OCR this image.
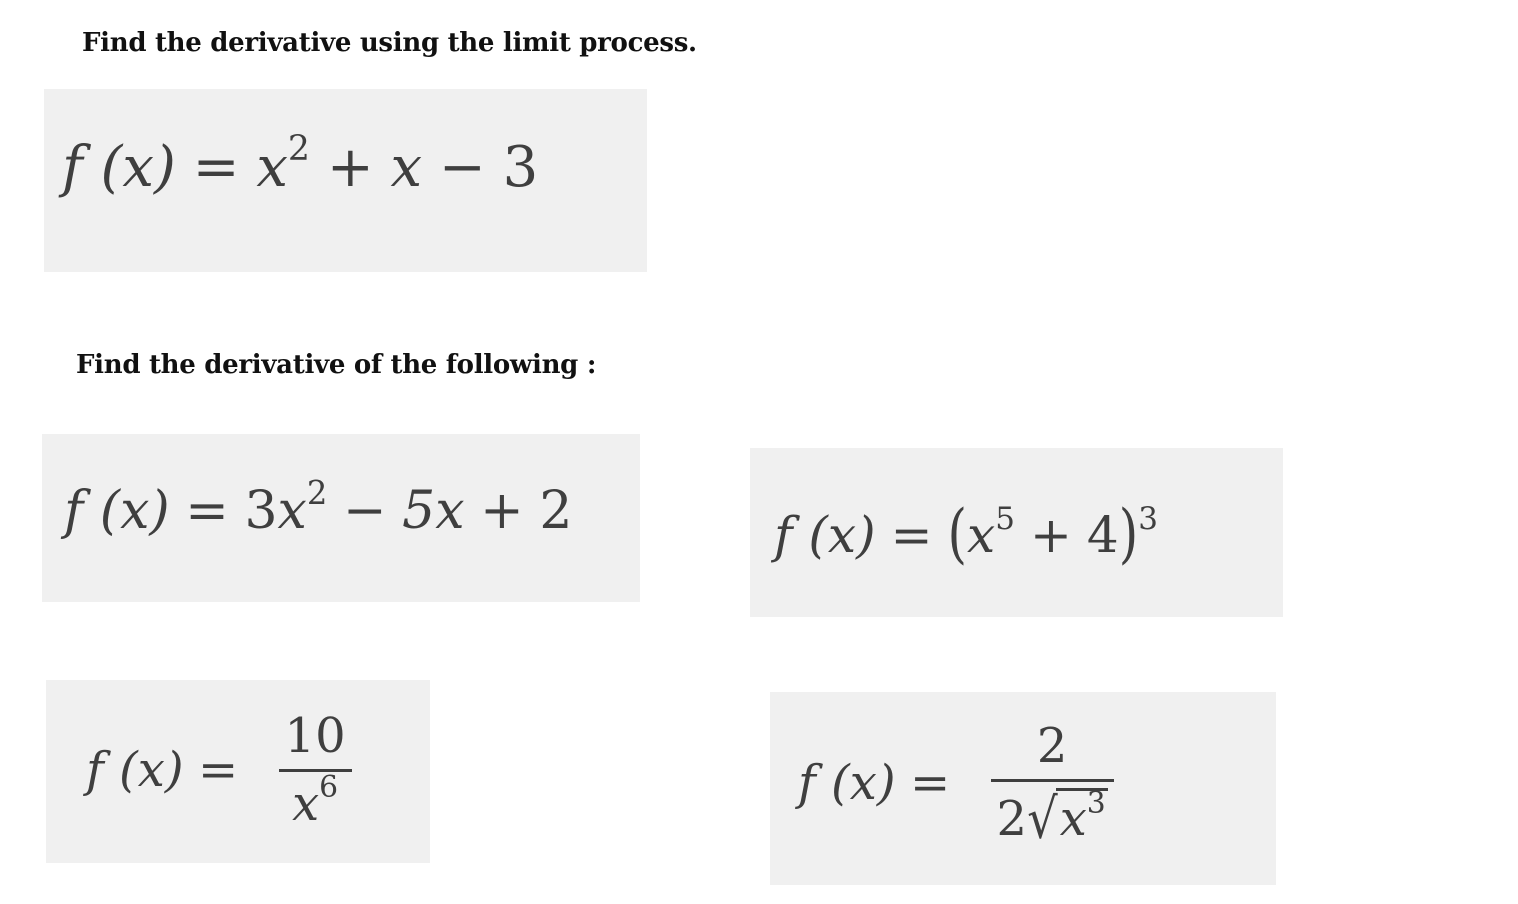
Find the derivative using the limit process.

f $(x) = x^2 + x - 3$

Find the derivative of the following :

f $(x) = 3x^2 - 5x + 2$	f $(x) = (x^5 + 4)^3$
f $(x) = \frac{10}{x^6}$	f $(x) = \frac{2}{2√x^3}$
